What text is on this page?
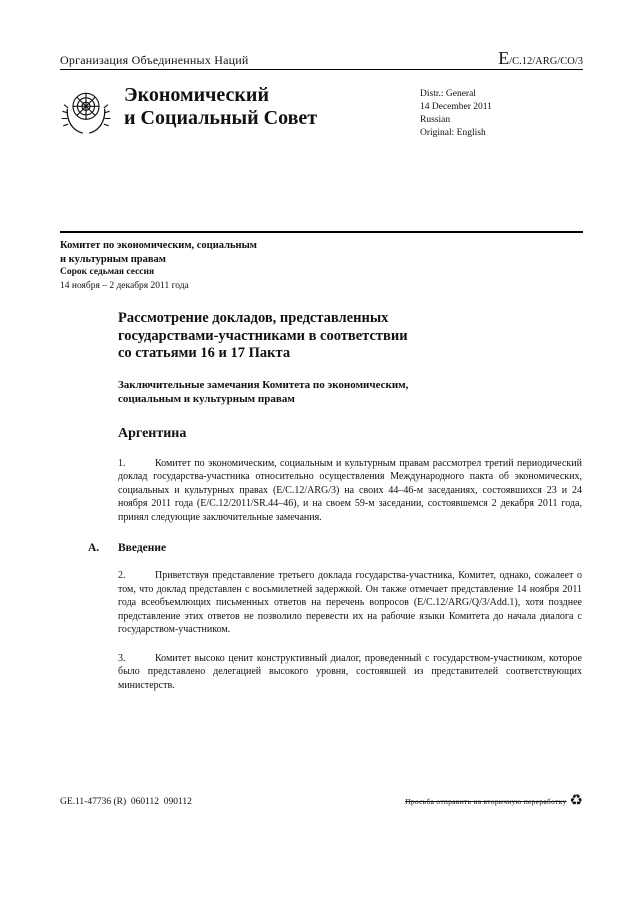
Организация Объединенных Наций	E/C.12/ARG/CO/3
Экономический
и Социальный Совет
Distr.: General
14 December 2011
Russian
Original: English
Комитет по экономическим, социальным
и культурным правам
Сорок седьмая сессия
14 ноября – 2 декабря 2011 года
Рассмотрение докладов, представленных
государствами-участниками в соответствии
со статьями 16 и 17 Пакта
Заключительные замечания Комитета по экономическим,
социальным и культурным правам
Аргентина

1.	Комитет по экономическим, социальным и культурным правам рассмотрел третий периодический доклад государства-участника относительно осуществления Международного пакта об экономических, социальных и культурных правах (E/C.12/ARG/3) на своих 44–46-м заседаниях, состоявшихся 23 и 24 ноября 2011 года (E/C.12/2011/SR.44–46), и на своем 59-м заседании, состоявшемся 2 декабря 2011 года, принял следующие заключительные замечания.

A. Введение

2.	Приветствуя представление третьего доклада государства-участника, Комитет, однако, сожалеет о том, что доклад представлен с восьмилетней задержкой. Он также отмечает представление 14 ноября 2011 года всеобъемлющих письменных ответов на перечень вопросов (E/C.12/ARG/Q/3/Add.1), хотя позднее представление этих ответов не позволило перевести их на рабочие языки Комитета до начала диалога с государством-участником.

3.	Комитет высоко ценит конструктивный диалог, проведенный с государством-участником, которое было представлено делегацией высокого уровня, состоявшей из представителей соответствующих министерств.

GE.11-47736 (R)  060112  090112	Просьба отправить на вторичную переработку ♻
